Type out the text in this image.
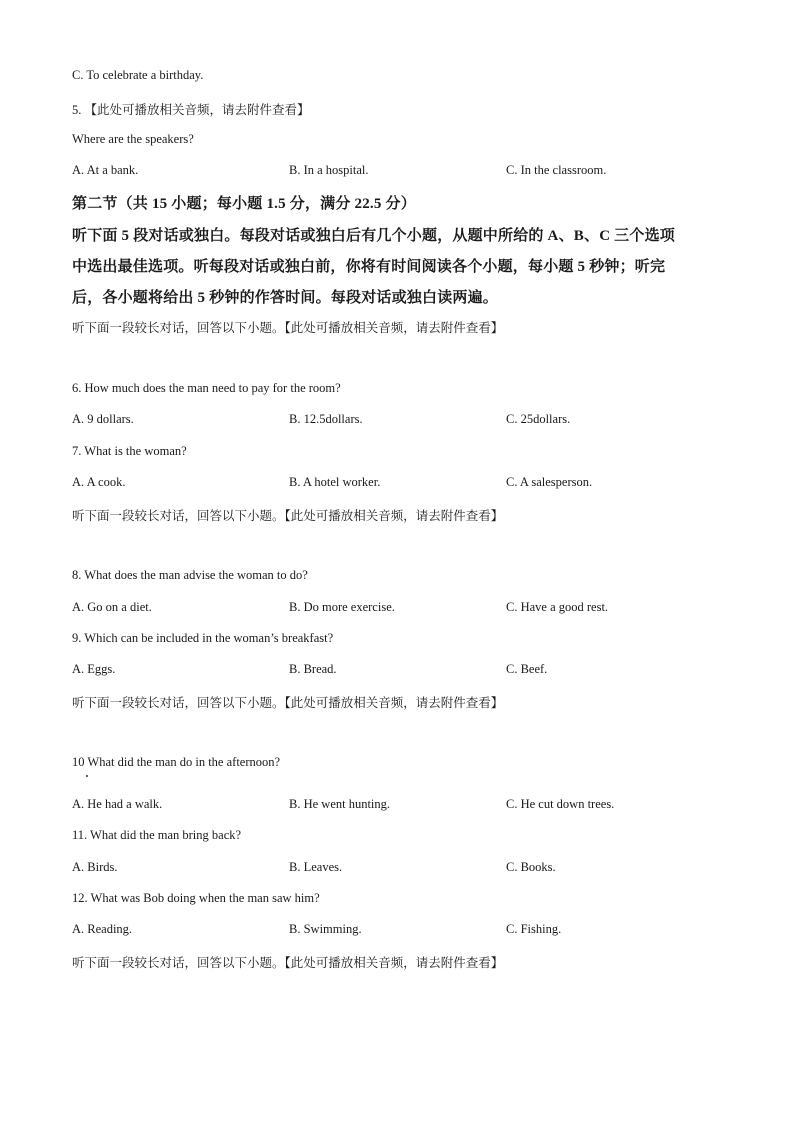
C. To celebrate a birthday.
5. 【此处可播放相关音频，请去附件查看】
Where are the speakers?
A. At a bank.	B. In a hospital.	C. In the classroom.
第二节（共 15 小题；每小题 1.5 分，满分 22.5 分）
听下面 5 段对话或独白。每段对话或独白后有几个小题，从题中所给的 A、B、C 三个选项
中选出最佳选项。听每段对话或独白前，你将有时间阅读各个小题，每小题 5 秒钟；听完
后，各小题将给出 5 秒钟的作答时间。每段对话或独白读两遍。
听下面一段较长对话，回答以下小题。【此处可播放相关音频，请去附件查看】
6. How much does the man need to pay for the room?
A. 9 dollars.	B. 12.5dollars.	C. 25dollars.
7. What is the woman?
A. A cook.	B. A hotel worker.	C. A salesperson.
听下面一段较长对话，回答以下小题。【此处可播放相关音频，请去附件查看】
8. What does the man advise the woman to do?
A. Go on a diet.	B. Do more exercise.	C. Have a good rest.
9. Which can be included in the woman’s breakfast?
A. Eggs.	B. Bread.	C. Beef.
听下面一段较长对话，回答以下小题。【此处可播放相关音频，请去附件查看】
10 What did the man do in the afternoon?
A. He had a walk.	B. He went hunting.	C. He cut down trees.
11. What did the man bring back?
A. Birds.	B. Leaves.	C. Books.
12. What was Bob doing when the man saw him?
A. Reading.	B. Swimming.	C. Fishing.
听下面一段较长对话，回答以下小题。【此处可播放相关音频，请去附件查看】
